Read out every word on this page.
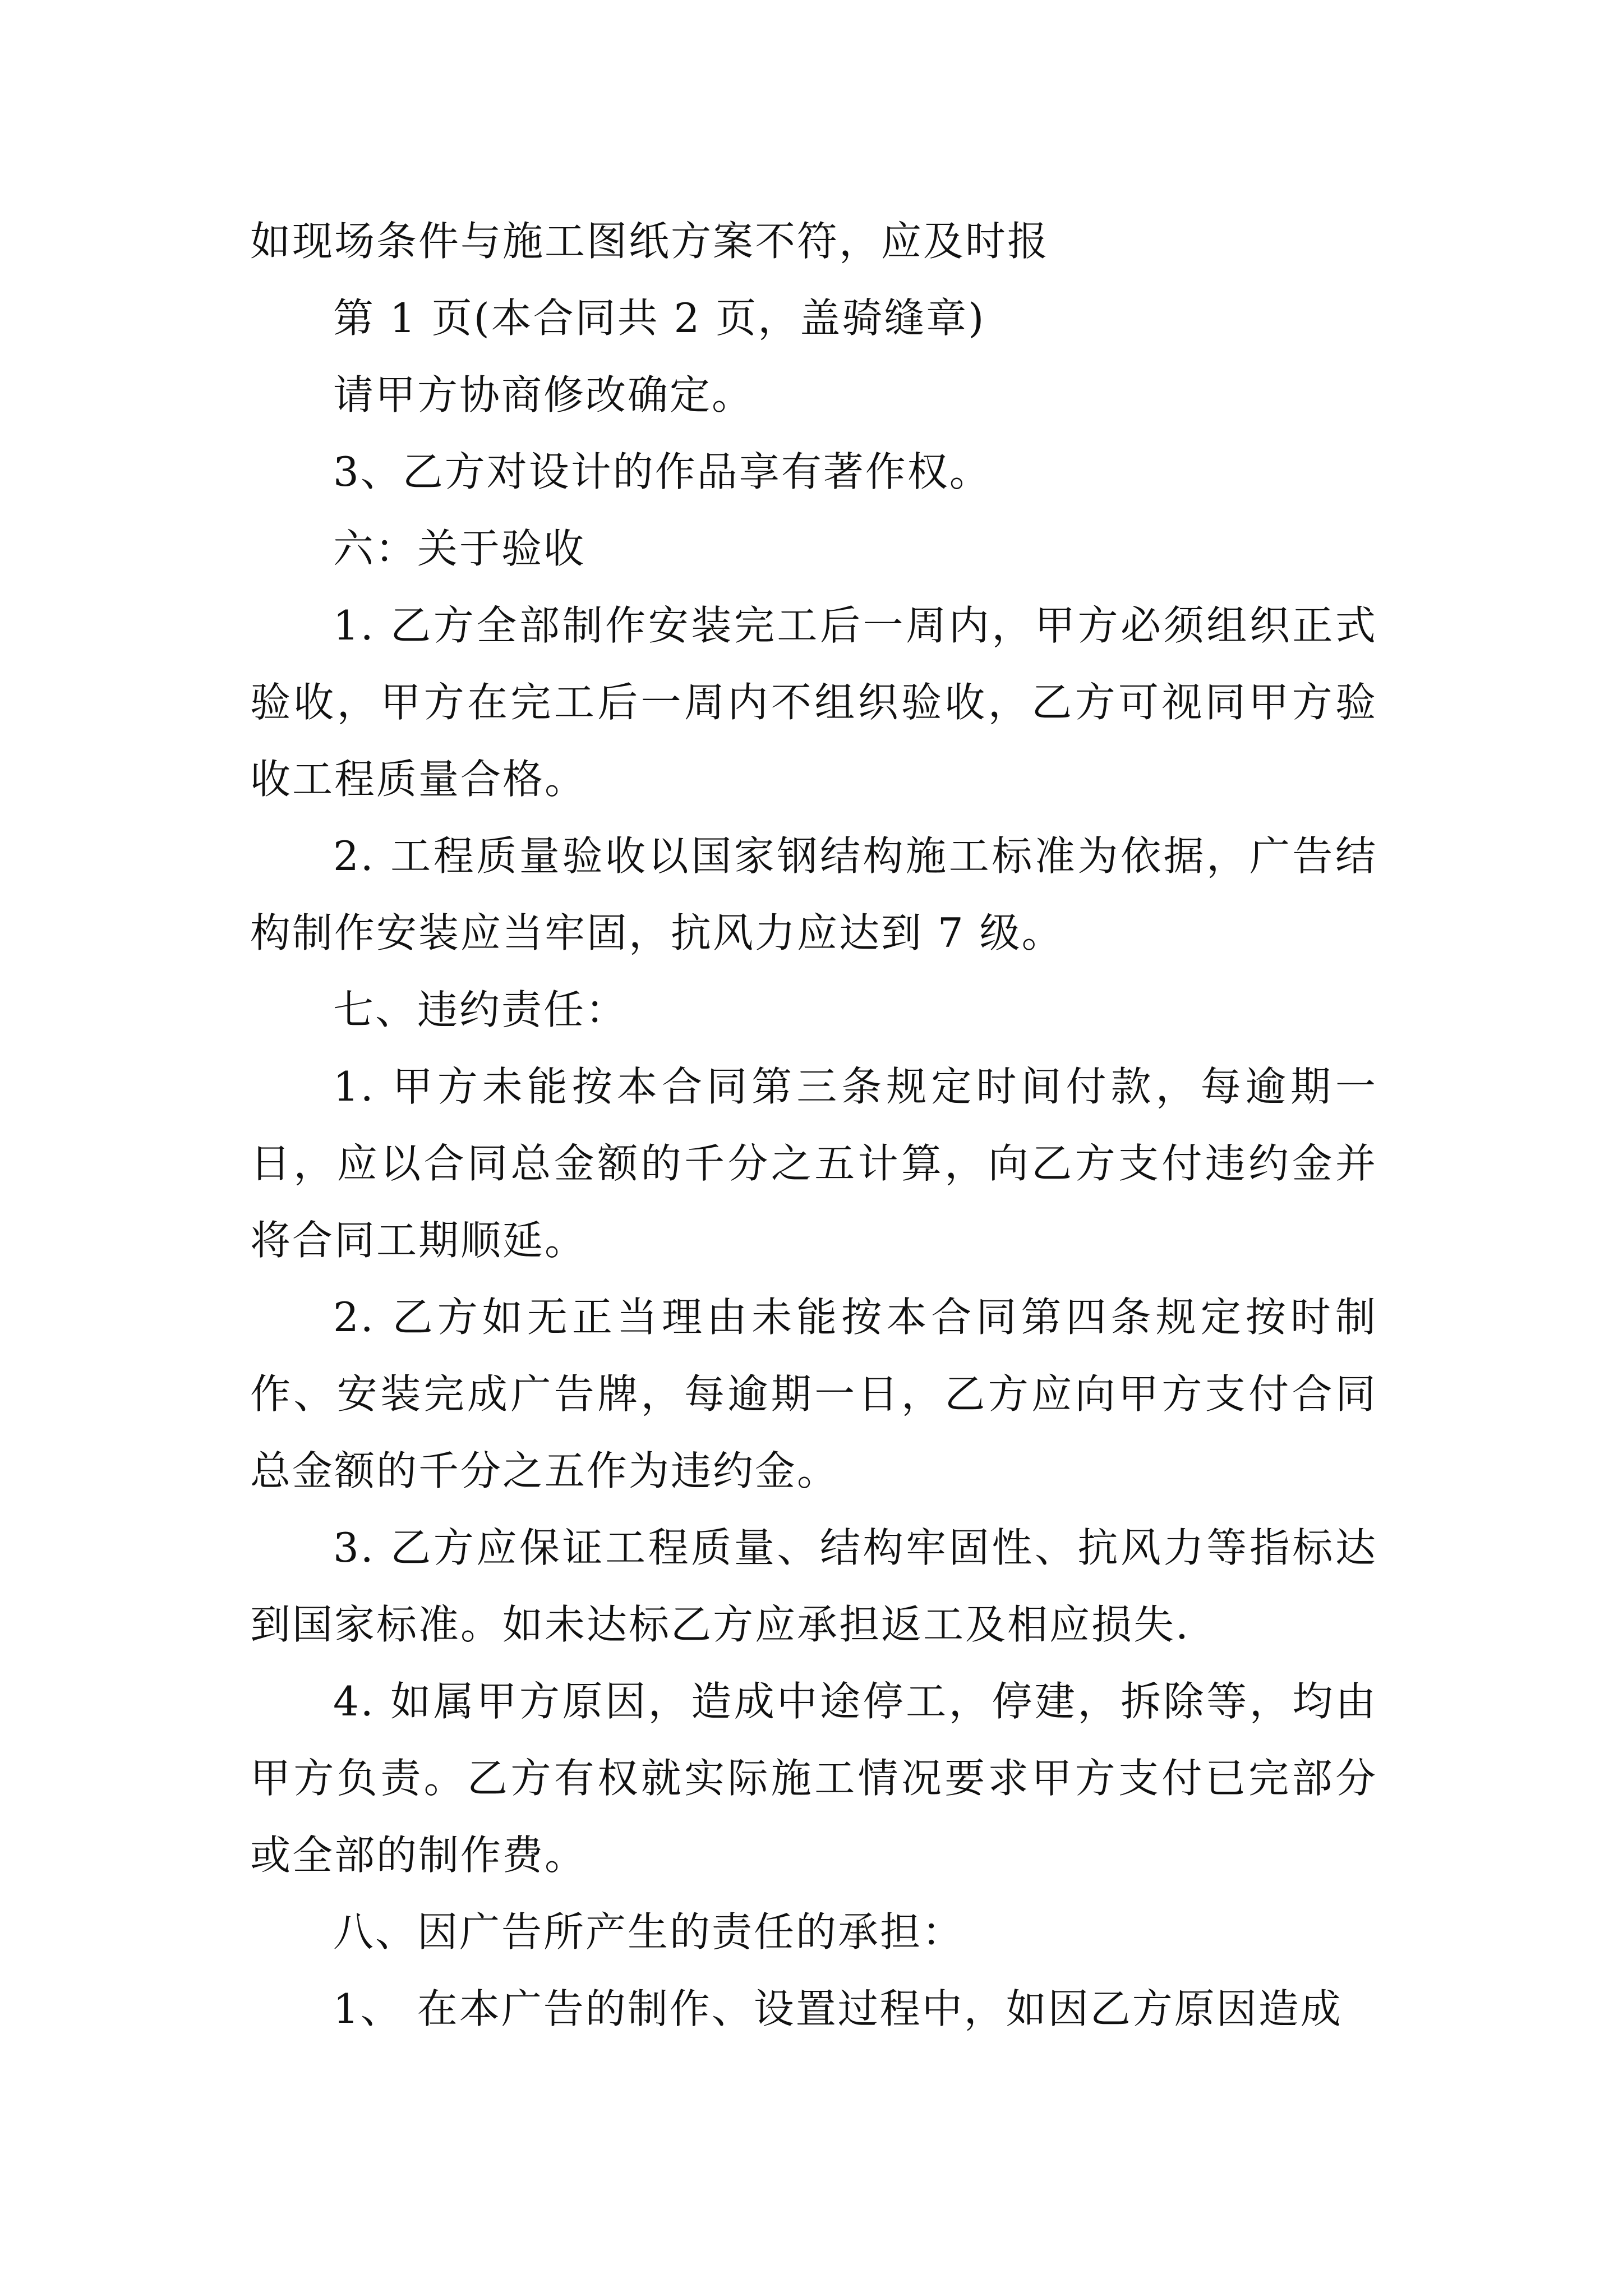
如现场条件与施工图纸方案不符，应及时报

第 1 页(本合同共 2 页，盖骑缝章)

请甲方协商修改确定。

3、乙方对设计的作品享有著作权。

六：关于验收

1. 乙方全部制作安装完工后一周内，甲方必须组织正式验收，甲方在完工后一周内不组织验收，乙方可视同甲方验收工程质量合格。

2. 工程质量验收以国家钢结构施工标准为依据，广告结构制作安装应当牢固，抗风力应达到 7 级。

七、违约责任：

1. 甲方未能按本合同第三条规定时间付款，每逾期一日，应以合同总金额的千分之五计算，向乙方支付违约金并将合同工期顺延。

2. 乙方如无正当理由未能按本合同第四条规定按时制作、安装完成广告牌，每逾期一日，乙方应向甲方支付合同总金额的千分之五作为违约金。

3. 乙方应保证工程质量、结构牢固性、抗风力等指标达到国家标准。如未达标乙方应承担返工及相应损失.

4. 如属甲方原因，造成中途停工，停建，拆除等，均由甲方负责。乙方有权就实际施工情况要求甲方支付已完部分或全部的制作费。

八、因广告所产生的责任的承担：

1、 在本广告的制作、设置过程中，如因乙方原因造成
